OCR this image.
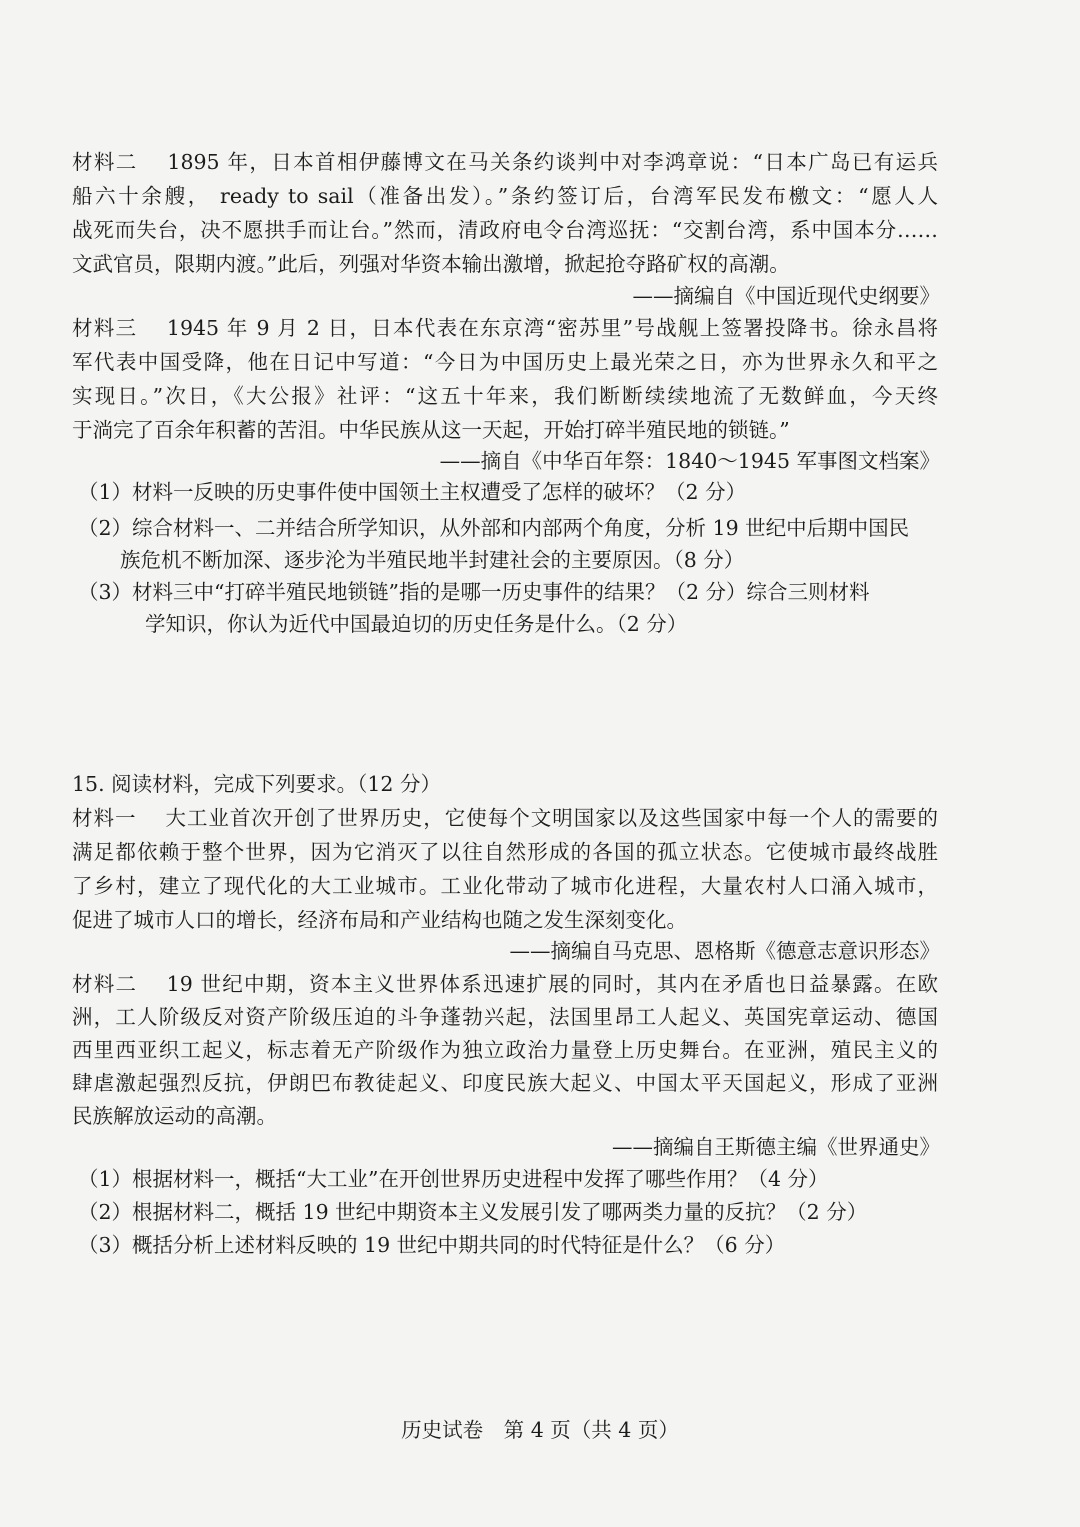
材料二　 1895 年，日本首相伊藤博文在马关条约谈判中对李鸿章说：“日本广岛已有运兵
船六十余艘， ready to sail（准备出发）。”条约签订后，台湾军民发布檄文：“愿人人
战死而失台，决不愿拱手而让台。”然而，清政府电令台湾巡抚：“交割台湾，系中国本分……
文武官员，限期内渡。”此后，列强对华资本输出激增，掀起抢夺路矿权的高潮。
——摘编自《中国近现代史纲要》
材料三　 1945 年 9 月 2 日，日本代表在东京湾“密苏里”号战舰上签署投降书。徐永昌将
军代表中国受降，他在日记中写道：“今日为中国历史上最光荣之日，亦为世界永久和平之
实现日。”次日，《大公报》社评：“这五十年来，我们断断续续地流了无数鲜血，今天终
于淌完了百余年积蓄的苦泪。中华民族从这一天起，开始打碎半殖民地的锁链。”
——摘自《中华百年祭：1840～1945 军事图文档案》
（1）材料一反映的历史事件使中国领土主权遭受了怎样的破坏？（2 分）
（2）综合材料一、二并结合所学知识，从外部和内部两个角度，分析 19 世纪中后期中国民
族危机不断加深、逐步沦为半殖民地半封建社会的主要原因。（8 分）
（3）材料三中“打碎半殖民地锁链”指的是哪一历史事件的结果？（2 分）综合三则材料
学知识，你认为近代中国最迫切的历史任务是什么。（2 分）
15. 阅读材料，完成下列要求。（12 分）
材料一　 大工业首次开创了世界历史，它使每个文明国家以及这些国家中每一个人的需要的
满足都依赖于整个世界，因为它消灭了以往自然形成的各国的孤立状态。它使城市最终战胜
了乡村，建立了现代化的大工业城市。工业化带动了城市化进程，大量农村人口涌入城市，
促进了城市人口的增长，经济布局和产业结构也随之发生深刻变化。
——摘编自马克思、恩格斯《德意志意识形态》
材料二　 19 世纪中期，资本主义世界体系迅速扩展的同时，其内在矛盾也日益暴露。在欧
洲，工人阶级反对资产阶级压迫的斗争蓬勃兴起，法国里昂工人起义、英国宪章运动、德国
西里西亚织工起义，标志着无产阶级作为独立政治力量登上历史舞台。在亚洲，殖民主义的
肆虐激起强烈反抗，伊朗巴布教徒起义、印度民族大起义、中国太平天国起义，形成了亚洲
民族解放运动的高潮。
——摘编自王斯德主编《世界通史》
（1）根据材料一，概括“大工业”在开创世界历史进程中发挥了哪些作用？（4 分）
（2）根据材料二，概括 19 世纪中期资本主义发展引发了哪两类力量的反抗？（2 分）
（3）概括分析上述材料反映的 19 世纪中期共同的时代特征是什么？（6 分）
历史试卷　第 4 页（共 4 页）
